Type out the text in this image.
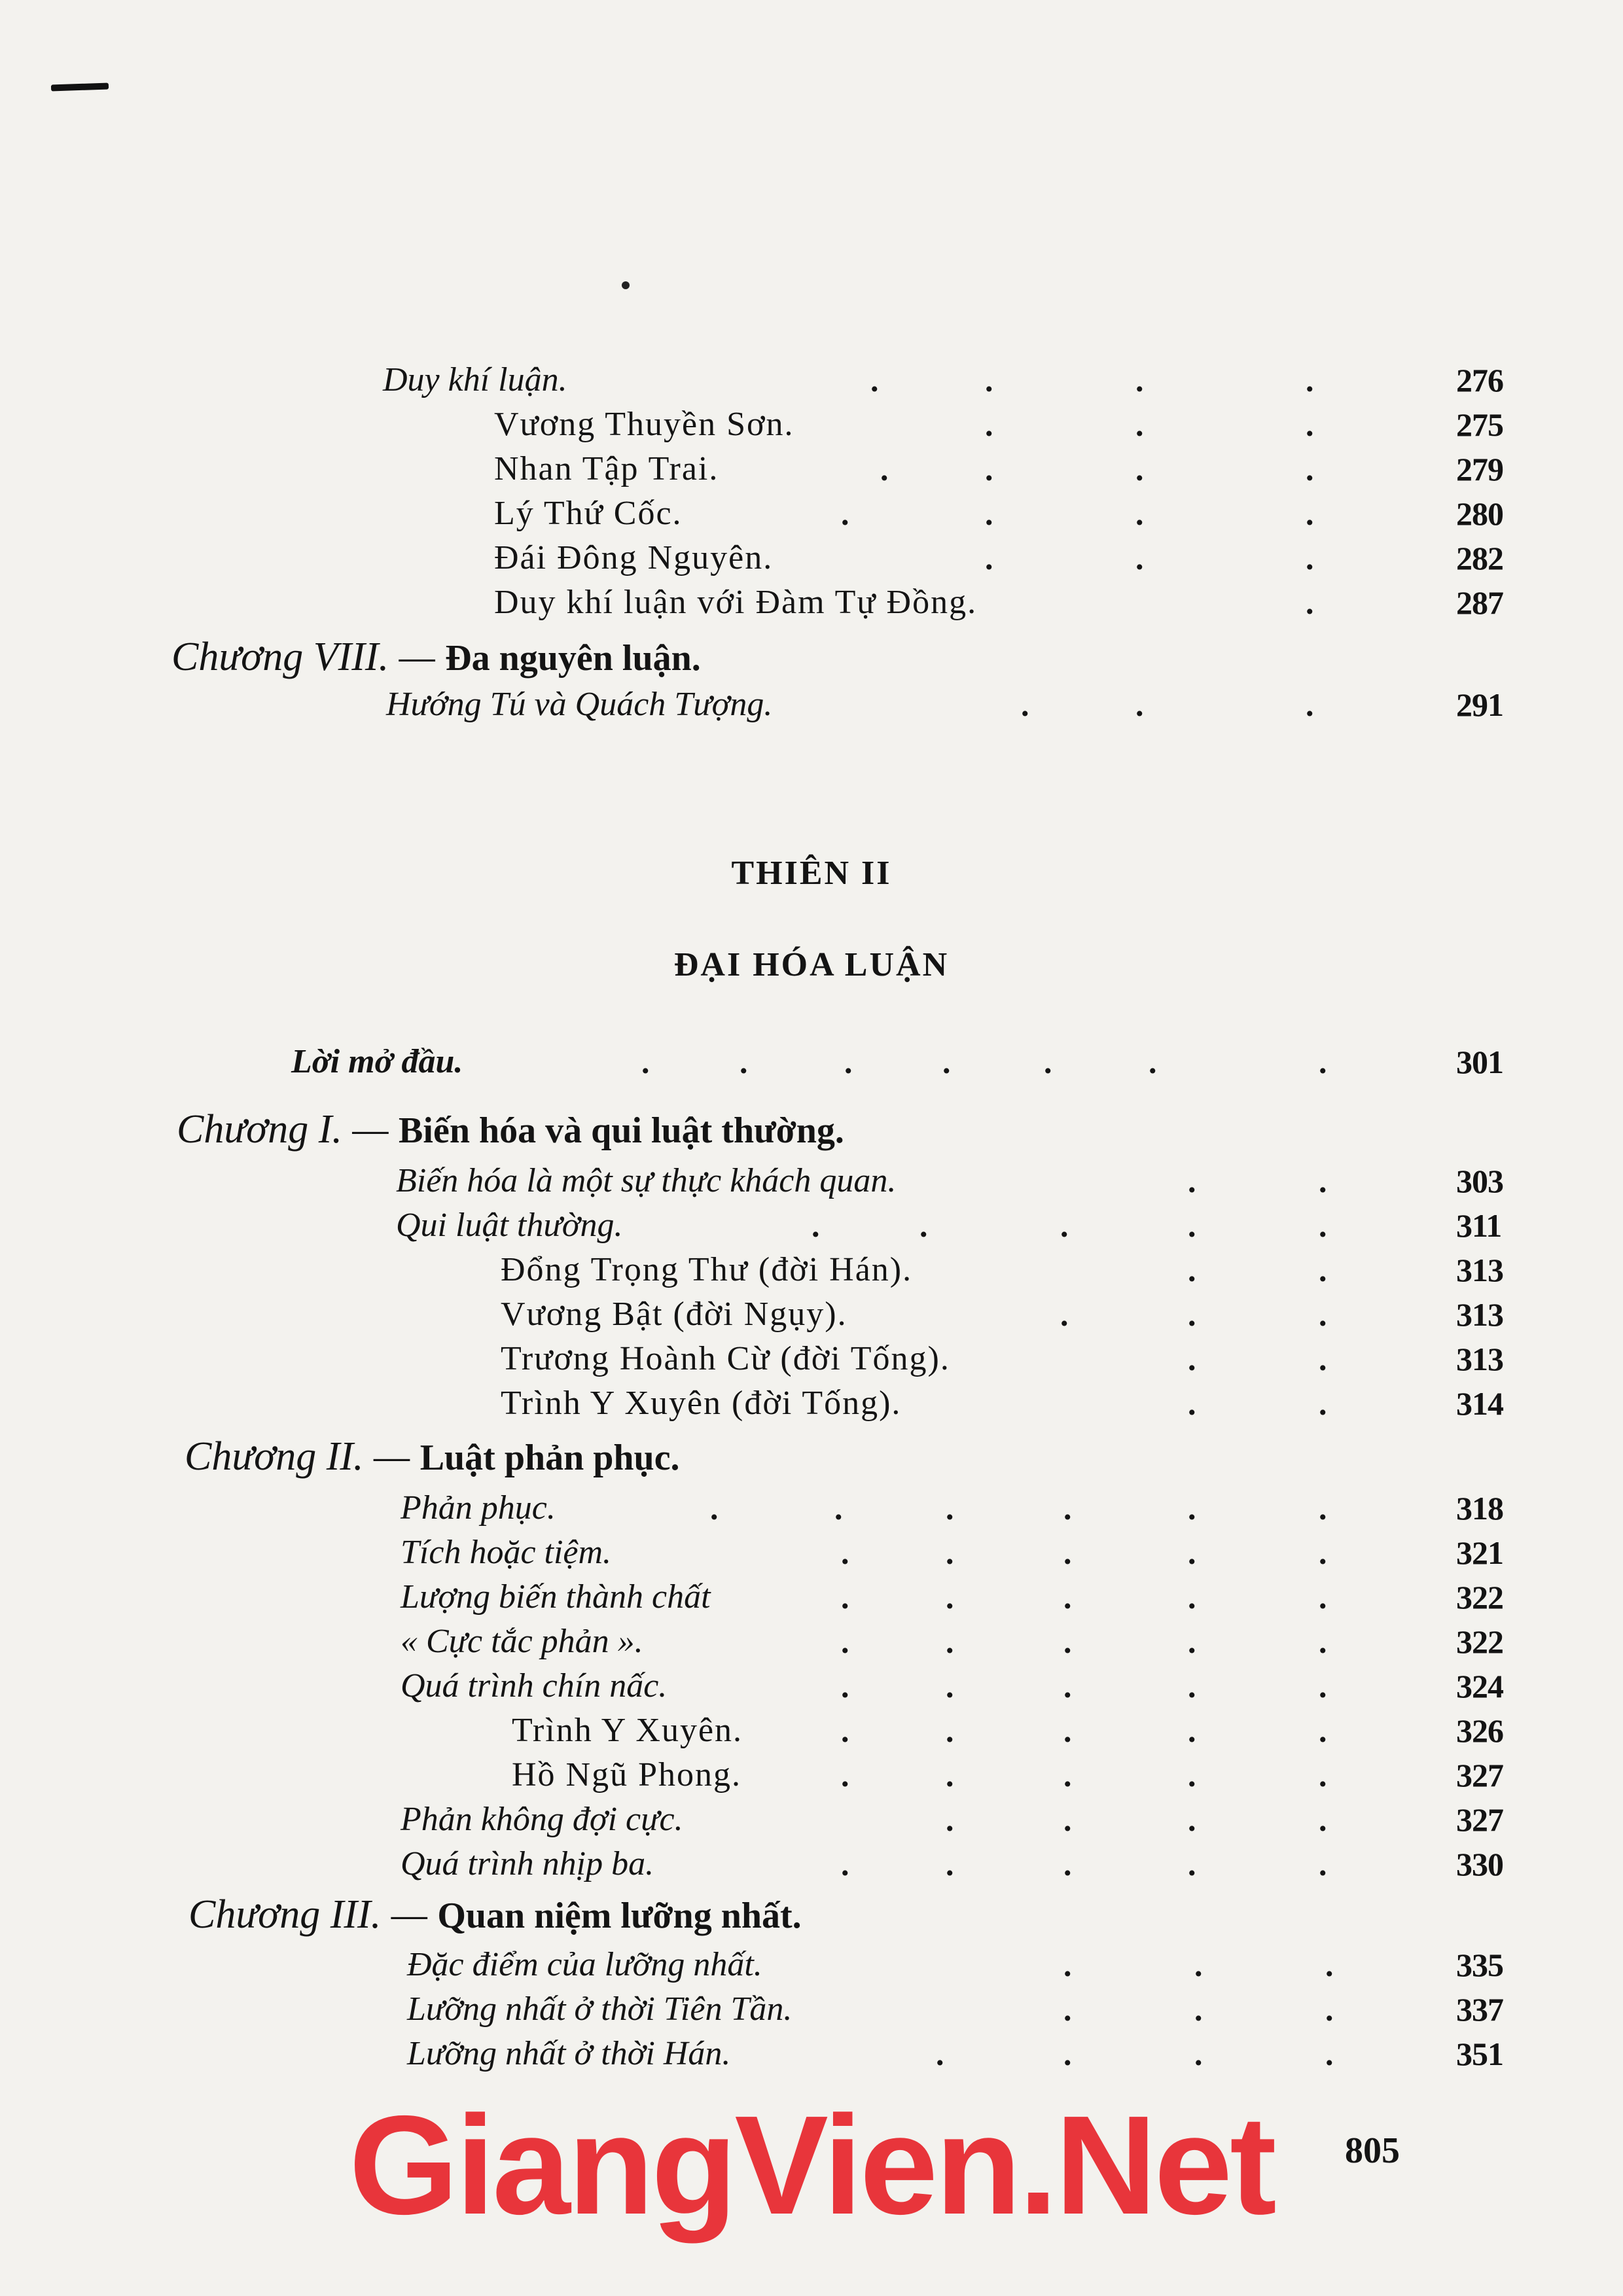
Duy khí luận.	.	.	.	.	276
Vương Thuyền Sơn.	.	.	.	275
Nhan Tập Trai.	.	.	.	.	279
Lý Thứ Cốc.	.	.	.	.	280
Đái Đông Nguyên.	.	.	.	282
Duy khí luận với Đàm Tự Đồng.	.	287
Chương VIII. — Đa nguyên luận.
Hướng Tú và Quách Tượng.	.	.	.	291
THIÊN II
ĐẠI HÓA LUẬN
Lời mở đầu.	.	.	.	.	.	.	.	301
Chương I. — Biến hóa và qui luật thường.
Biến hóa là một sự thực khách quan.	.	.	303
Qui luật thường.	.	.	.	.	.	311
Đổng Trọng Thư (đời Hán).	.	.	313
Vương Bật (đời Ngụy).	.	.	.	313
Trương Hoành Cừ (đời Tống).	.	.	313
Trình Y Xuyên (đời Tống).	.	.	314
Chương II. — Luật phản phục.
Phản phục.	.	.	.	.	.	.	318
Tích hoặc tiệm.	.	.	.	.	.	321
Lượng biến thành chất	.	.	.	.	.	322
« Cực tắc phản ».	.	.	.	.	.	322
Quá trình chín nấc.	.	.	.	.	.	324
Trình Y Xuyên.	.	.	.	.	.	326
Hồ Ngũ Phong.	.	.	.	.	.	327
Phản không đợi cực.	.	.	.	.	327
Quá trình nhịp ba.	.	.	.	.	.	330
Chương III. — Quan niệm lưỡng nhất.
Đặc điểm của lưỡng nhất.	.	.	.	335
Lưỡng nhất ở thời Tiên Tần.	.	.	.	337
Lưỡng nhất ở thời Hán.	.	.	.	.	351
GiangVien.Net	805
